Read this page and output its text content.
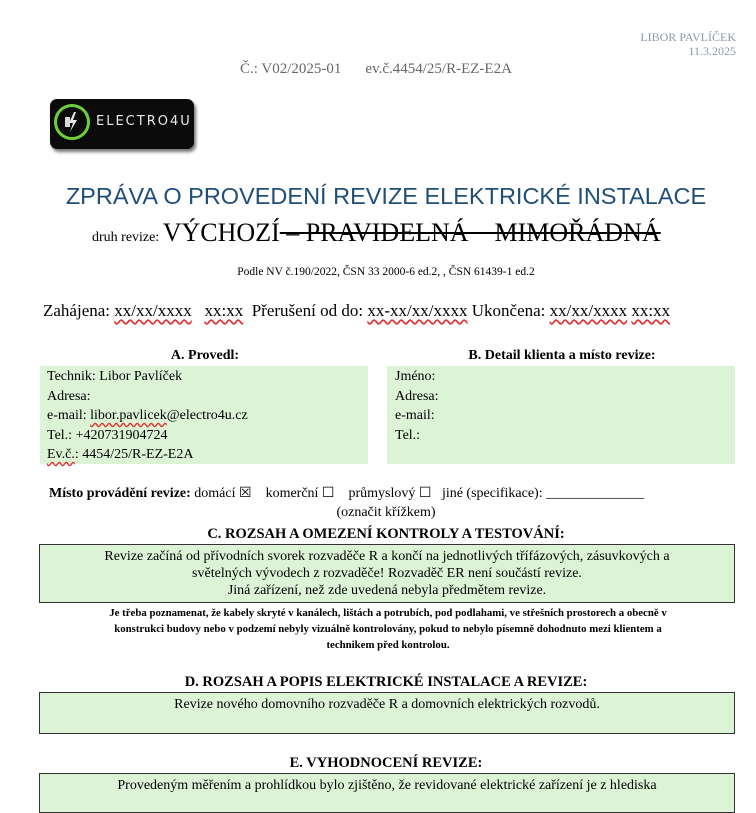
LIBOR PAVLÍČEK
11.3.2025
Č.: V02/2025-01 ev.č.4454/25/R-EZ-E2A
ELECTRO4U
ZPRÁVA O PROVEDENÍ REVIZE ELEKTRICKÉ INSTALACE
druh revize: VÝCHOZÍ – PRAVIDELNÁ MIMOŘÁDNÁ
Podle NV č.190/2022, ČSN 33 2000-6 ed.2, , ČSN 61439-1 ed.2
Zahájena: xx/xx/xxxx xx:xx Přerušení od do: xx-xx/xx/xxxx Ukončena: xx/xx/xxxx xx:xx
A. Provedl:
Technik: Libor Pavlíček
Adresa:
e-mail: libor.pavlicek@electro4u.cz
Tel.: +420731904724
Ev.č.: 4454/25/R-EZ-E2A
B. Detail klienta a místo revize:
Jméno:
Adresa:
e-mail:
Tel.:
Místo provádění revize: domácí ☒ komerční ☐ průmyslový ☐ jiné (specifikace): ______________
(označit křížkem)
C. ROZSAH A OMEZENÍ KONTROLY A TESTOVÁNÍ:
Revize začíná od přívodních svorek rozvaděče R a končí na jednotlivých třífázových, zásuvkových a
světelných vývodech z rozvaděče! Rozvaděč ER není součástí revize.
Jiná zařízení, než zde uvedená nebyla předmětem revize.
Je třeba poznamenat, že kabely skryté v kanálech, lištách a potrubích, pod podlahami, ve střešních prostorech a obecně v
konstrukci budovy nebo v podzemí nebyly vizuálně kontrolovány, pokud to nebylo písemně dohodnuto mezi klientem a
technikem před kontrolou.
D. ROZSAH A POPIS ELEKTRICKÉ INSTALACE A REVIZE:
Revize nového domovního rozvaděče R a domovních elektrických rozvodů.
E. VYHODNOCENÍ REVIZE:
Provedeným měřením a prohlídkou bylo zjištěno, že revidované elektrické zařízení je z hlediska
